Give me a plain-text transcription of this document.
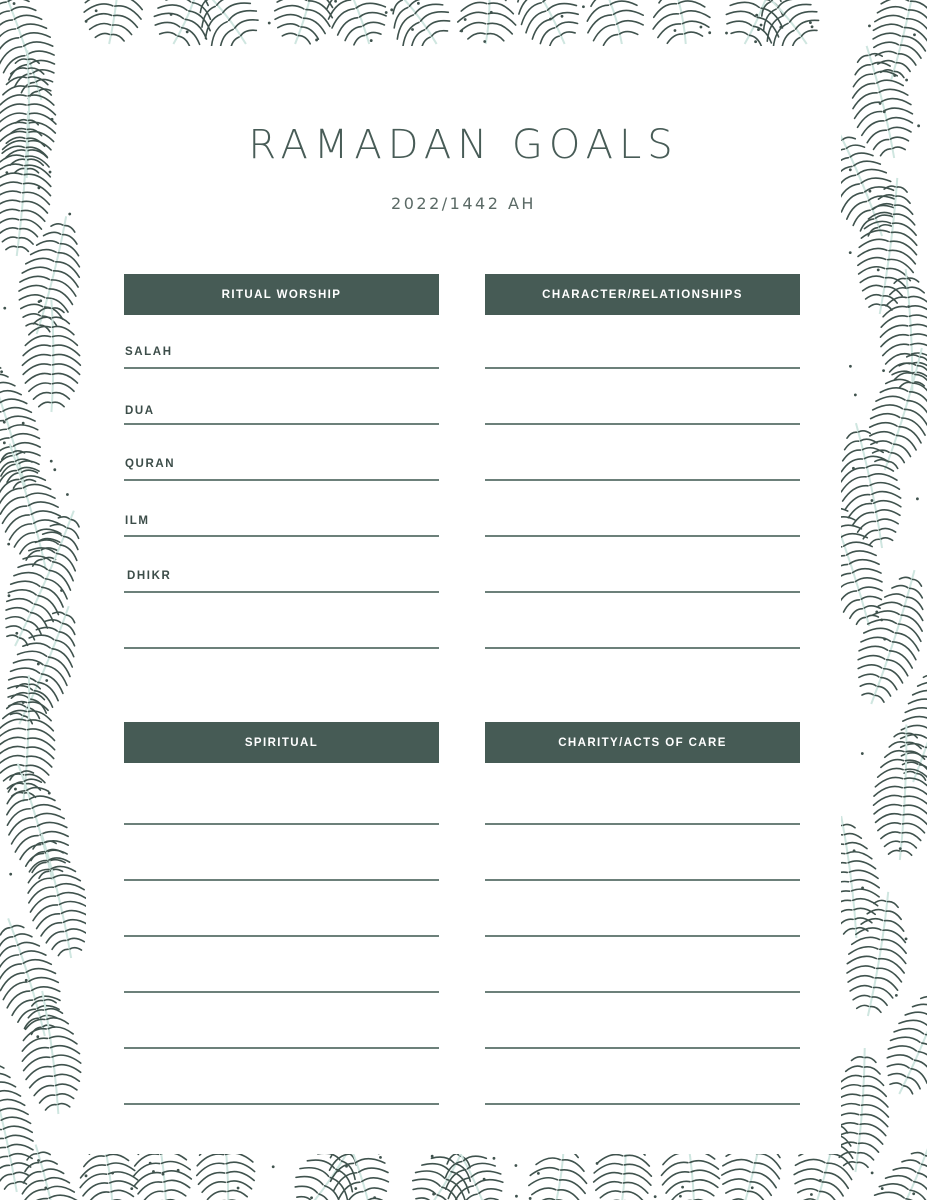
RAMADAN GOALS
2022/1442 AH
RITUAL WORSHIP
SALAH
DUA
QURAN
ILM
DHIKR
CHARACTER/RELATIONSHIPS
SPIRITUAL	CHARITY/ACTS OF CARE
